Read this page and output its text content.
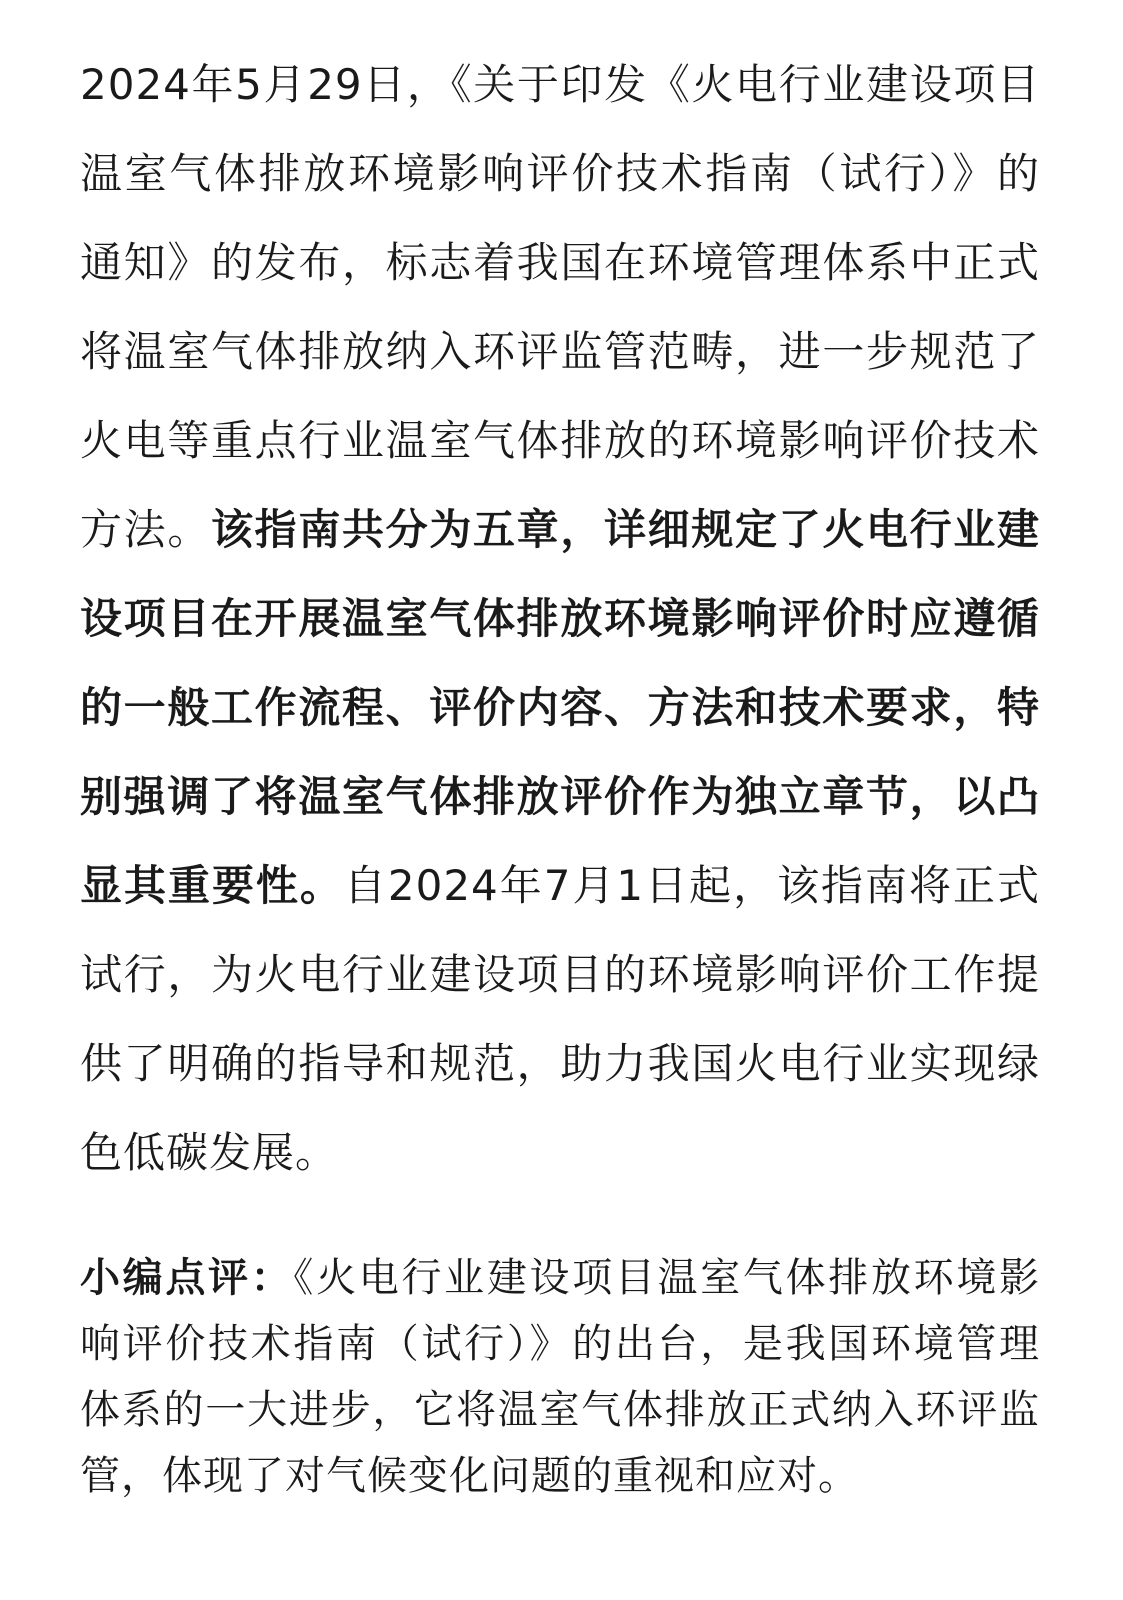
2024年5月29日，《关于印发《火电行业建设项目温室气体排放环境影响评价技术指南（试行）》的通知》的发布，标志着我国在环境管理体系中正式将温室气体排放纳入环评监管范畴，进一步规范了火电等重点行业温室气体排放的环境影响评价技术方法。该指南共分为五章，详细规定了火电行业建设项目在开展温室气体排放环境影响评价时应遵循的一般工作流程、评价内容、方法和技术要求，特别强调了将温室气体排放评价作为独立章节，以凸显其重要性。自2024年7月1日起，该指南将正式试行，为火电行业建设项目的环境影响评价工作提供了明确的指导和规范，助力我国火电行业实现绿色低碳发展。

小编点评：《火电行业建设项目温室气体排放环境影响评价技术指南（试行）》的出台，是我国环境管理体系的一大进步，它将温室气体排放正式纳入环评监管，体现了对气候变化问题的重视和应对。
